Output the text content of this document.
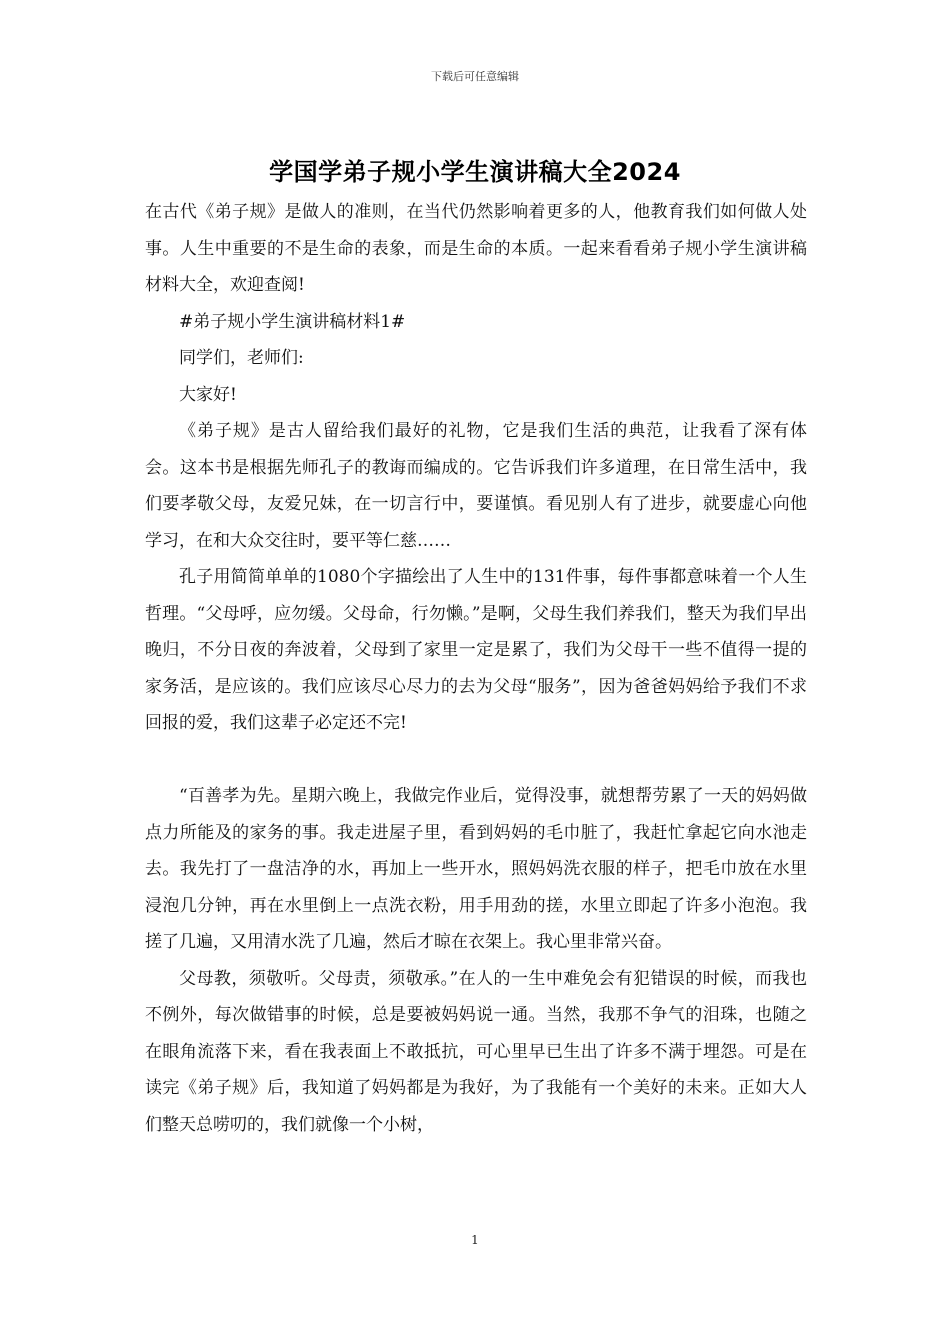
下载后可任意编辑
学国学弟子规小学生演讲稿大全2024

在古代《弟子规》是做人的准则，在当代仍然影响着更多的人，他教育我们如何做人处事。人生中重要的不是生命的表象，而是生命的本质。一起来看看弟子规小学生演讲稿材料大全，欢迎查阅!

#弟子规小学生演讲稿材料1#

同学们，老师们:

大家好!

《弟子规》是古人留给我们最好的礼物，它是我们生活的典范，让我看了深有体会。这本书是根据先师孔子的教诲而编成的。它告诉我们许多道理，在日常生活中，我们要孝敬父母，友爱兄妹，在一切言行中，要谨慎。看见别人有了进步，就要虚心向他学习，在和大众交往时，要平等仁慈……

孔子用简简单单的1080个字描绘出了人生中的131件事，每件事都意味着一个人生哲理。“父母呼，应勿缓。父母命，行勿懒。”是啊，父母生我们养我们，整天为我们早出晚归，不分日夜的奔波着，父母到了家里一定是累了，我们为父母干一些不值得一提的家务活，是应该的。我们应该尽心尽力的去为父母“服务”，因为爸爸妈妈给予我们不求回报的爱，我们这辈子必定还不完!

“百善孝为先。星期六晚上，我做完作业后，觉得没事，就想帮劳累了一天的妈妈做点力所能及的家务的事。我走进屋子里，看到妈妈的毛巾脏了，我赶忙拿起它向水池走去。我先打了一盘洁净的水，再加上一些开水，照妈妈洗衣服的样子，把毛巾放在水里浸泡几分钟，再在水里倒上一点洗衣粉，用手用劲的搓，水里立即起了许多小泡泡。我搓了几遍，又用清水洗了几遍，然后才晾在衣架上。我心里非常兴奋。

父母教，须敬听。父母责，须敬承。”在人的一生中难免会有犯错误的时候，而我也不例外，每次做错事的时候，总是要被妈妈说一通。当然，我那不争气的泪珠，也随之在眼角流落下来，看在我表面上不敢抵抗，可心里早已生出了许多不满于埋怨。可是在读完《弟子规》后，我知道了妈妈都是为我好，为了我能有一个美好的未来。正如大人们整天总唠叨的，我们就像一个小树，

1
